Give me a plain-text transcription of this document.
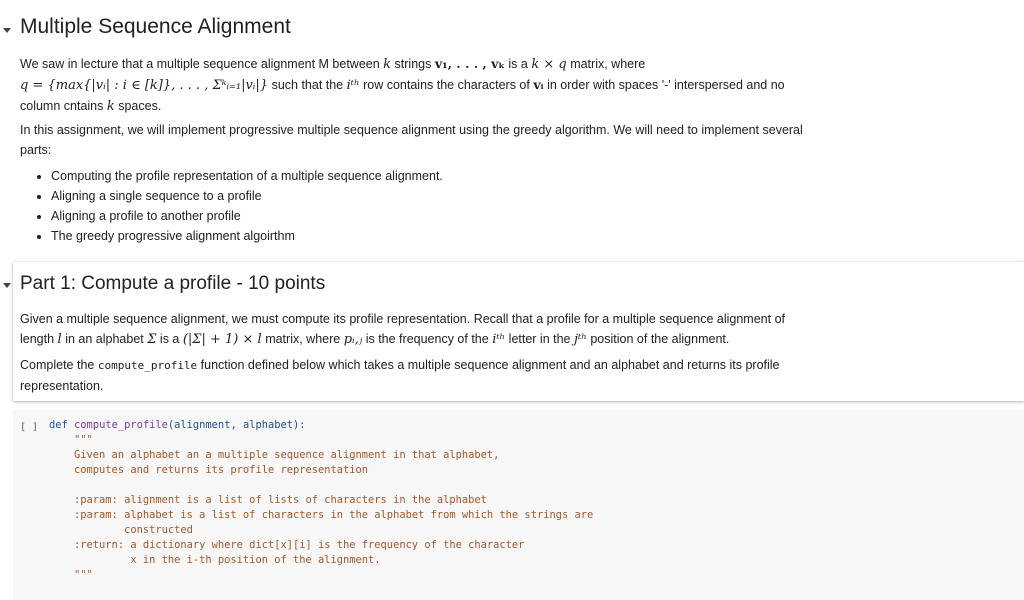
Multiple Sequence Alignment

We saw in lecture that a multiple sequence alignment M between k strings v₁, . . . , vₖ is a k × q matrix, where
q = {max{|vᵢ| : i ∈ [k]}, . . . , Σᵏᵢ₌₁|vᵢ|} such that the iᵗʰ row contains the characters of vᵢ in order with spaces '-' interspersed and no
column cntains k spaces.

In this assignment, we will implement progressive multiple sequence alignment using the greedy algorithm. We will need to implement several parts:

• Computing the profile representation of a multiple sequence alignment.
• Aligning a single sequence to a profile
• Aligning a profile to another profile
• The greedy progressive alignment algoirthm
Part 1: Compute a profile - 10 points

Given a multiple sequence alignment, we must compute its profile representation. Recall that a profile for a multiple sequence alignment of length l in an alphabet Σ is a (|Σ| + 1) × l matrix, where pᵢ,ⱼ is the frequency of the iᵗʰ letter in the jᵗʰ position of the alignment.

Complete the compute_profile function defined below which takes a multiple sequence alignment and an alphabet and returns its profile representation.

[ ] def compute_profile(alignment, alphabet):
"""
Given an alphabet an a multiple sequence alignment in that alphabet,
computes and returns its profile representation

:param: alignment is a list of lists of characters in the alphabet
:param: alphabet is a list of characters in the alphabet from which the strings are
constructed
:return: a dictionary where dict[x][i] is the frequency of the character
x in the i-th position of the alignment.
"""
